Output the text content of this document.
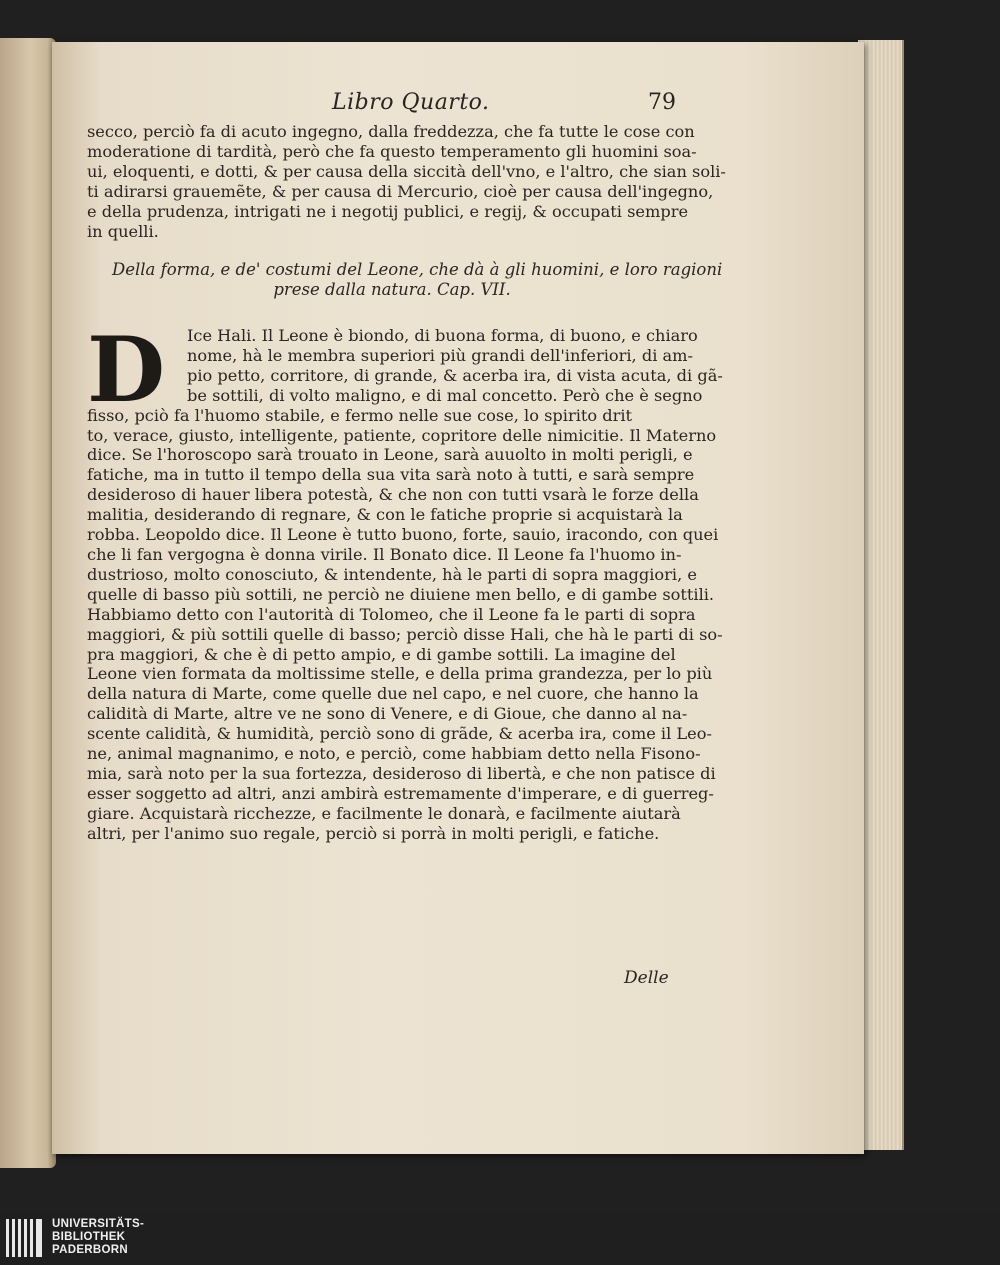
Libro Quarto.	79
secco, perciò fa di acuto ingegno, dalla freddezza, che fa tutte le cose con
moderatione di tardità, però che fa questo temperamento gli huomini soa-
ui, eloquenti, e dotti, & per causa della siccità dell'vno, e l'altro, che sian soli-
ti adirarsi grauemẽte, & per causa di Mercurio, cioè per causa dell'ingegno,
e della prudenza, intrigati ne i negotij publici, e regij, & occupati sempre
in quelli.
Della forma, e de' costumi del Leone, che dà à gli huomini, e loro ragioni
prese dalla natura. Cap. VII.
D	Ice Hali. Il Leone è biondo, di buona forma, di buono, e chiaro
nome, hà le membra superiori più grandi dell'inferiori, di am-
pio petto, corritore, di grande, & acerba ira, di vista acuta, di gã-
be sottili, di volto maligno, e di mal concetto. Però che è segno
fisso, pciò fa l'huomo stabile, e fermo nelle sue cose, lo spirito drit
to, verace, giusto, intelligente, patiente, copritore delle nimicitie. Il Materno
dice. Se l'horoscopo sarà trouato in Leone, sarà auuolto in molti perigli, e
fatiche, ma in tutto il tempo della sua vita sarà noto à tutti, e sarà sempre
desideroso di hauer libera potestà, & che non con tutti vsarà le forze della
malitia, desiderando di regnare, & con le fatiche proprie si acquistarà la
robba. Leopoldo dice. Il Leone è tutto buono, forte, sauio, iracondo, con quei
che li fan vergogna è donna virile. Il Bonato dice. Il Leone fa l'huomo in-
dustrioso, molto conosciuto, & intendente, hà le parti di sopra maggiori, e
quelle di basso più sottili, ne perciò ne diuiene men bello, e di gambe sottili.
Habbiamo detto con l'autorità di Tolomeo, che il Leone fa le parti di sopra
maggiori, & più sottili quelle di basso; perciò disse Hali, che hà le parti di so-
pra maggiori, & che è di petto ampio, e di gambe sottili. La imagine del
Leone vien formata da moltissime stelle, e della prima grandezza, per lo più
della natura di Marte, come quelle due nel capo, e nel cuore, che hanno la
calidità di Marte, altre ve ne sono di Venere, e di Gioue, che danno al na-
scente calidità, & humidità, perciò sono di grãde, & acerba ira, come il Leo-
ne, animal magnanimo, e noto, e perciò, come habbiam detto nella Fisono-
mia, sarà noto per la sua fortezza, desideroso di libertà, e che non patisce di
esser soggetto ad altri, anzi ambirà estremamente d'imperare, e di guerreg-
giare. Acquistarà ricchezze, e facilmente le donarà, e facilmente aiutarà
altri, per l'animo suo regale, perciò si porrà in molti perigli, e fatiche.
Delle
UNIVERSITÄTS-
BIBLIOTHEK
PADERBORN
